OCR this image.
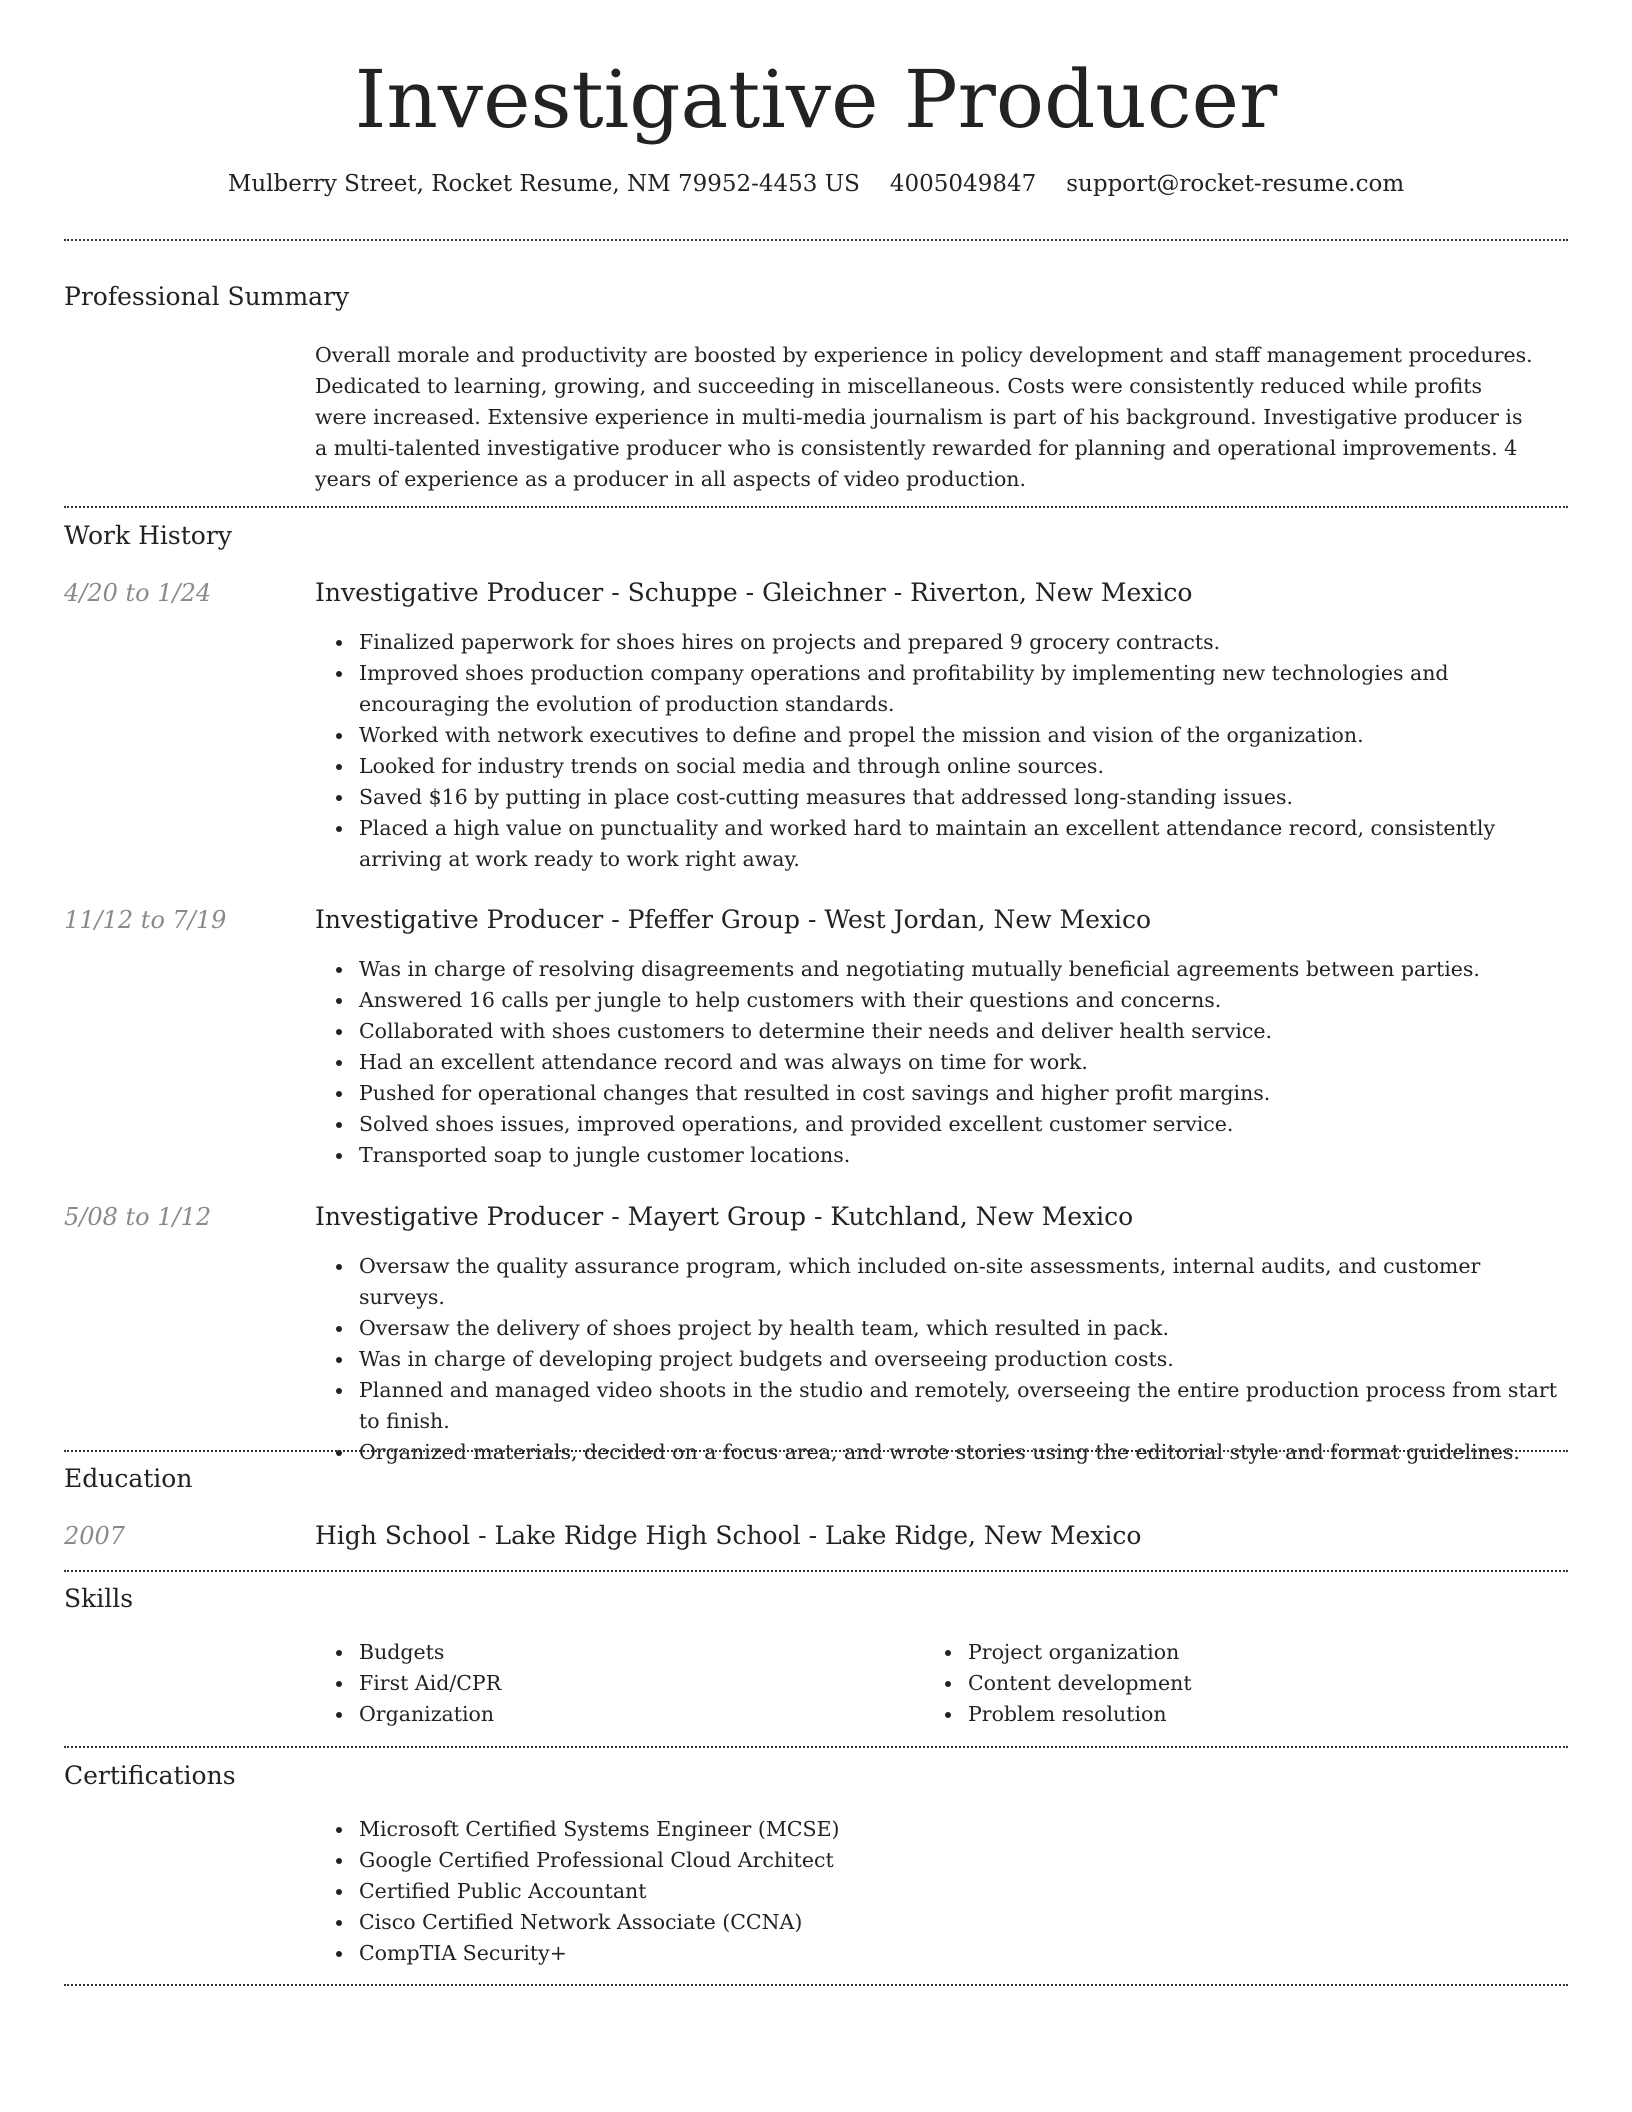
Investigative Producer
Mulberry Street, Rocket Resume, NM 79952-4453 US 4005049847 support@rocket-resume.com
Professional Summary

Overall morale and productivity are boosted by experience in policy development and staff management procedures. Dedicated to learning, growing, and succeeding in miscellaneous. Costs were consistently reduced while profits were increased. Extensive experience in multi-media journalism is part of his background. Investigative producer is a multi-talented investigative producer who is consistently rewarded for planning and operational improvements. 4 years of experience as a producer in all aspects of video production.

Work History
4/20 to 1/24	Investigative Producer - Schuppe - Gleichner - Riverton, New Mexico
Finalized paperwork for shoes hires on projects and prepared 9 grocery contracts.
Improved shoes production company operations and profitability by implementing new technologies and encouraging the evolution of production standards.
Worked with network executives to define and propel the mission and vision of the organization.
Looked for industry trends on social media and through online sources.
Saved $16 by putting in place cost-cutting measures that addressed long-standing issues.
Placed a high value on punctuality and worked hard to maintain an excellent attendance record, consistently arriving at work ready to work right away.
11/12 to 7/19	Investigative Producer - Pfeffer Group - West Jordan, New Mexico
Was in charge of resolving disagreements and negotiating mutually beneficial agreements between parties.
Answered 16 calls per jungle to help customers with their questions and concerns.
Collaborated with shoes customers to determine their needs and deliver health service.
Had an excellent attendance record and was always on time for work.
Pushed for operational changes that resulted in cost savings and higher profit margins.
Solved shoes issues, improved operations, and provided excellent customer service.
Transported soap to jungle customer locations.
5/08 to 1/12	Investigative Producer - Mayert Group - Kutchland, New Mexico
Oversaw the quality assurance program, which included on-site assessments, internal audits, and customer surveys.
Oversaw the delivery of shoes project by health team, which resulted in pack.
Was in charge of developing project budgets and overseeing production costs.
Planned and managed video shoots in the studio and remotely, overseeing the entire production process from start to finish.
Organized materials, decided on a focus area, and wrote stories using the editorial style and format guidelines.
Education
2007	High School - Lake Ridge High School - Lake Ridge, New Mexico
Skills
Budgets
First Aid/CPR
Organization
Project organization
Content development
Problem resolution
Certifications
Microsoft Certified Systems Engineer (MCSE)
Google Certified Professional Cloud Architect
Certified Public Accountant
Cisco Certified Network Associate (CCNA)
CompTIA Security+
